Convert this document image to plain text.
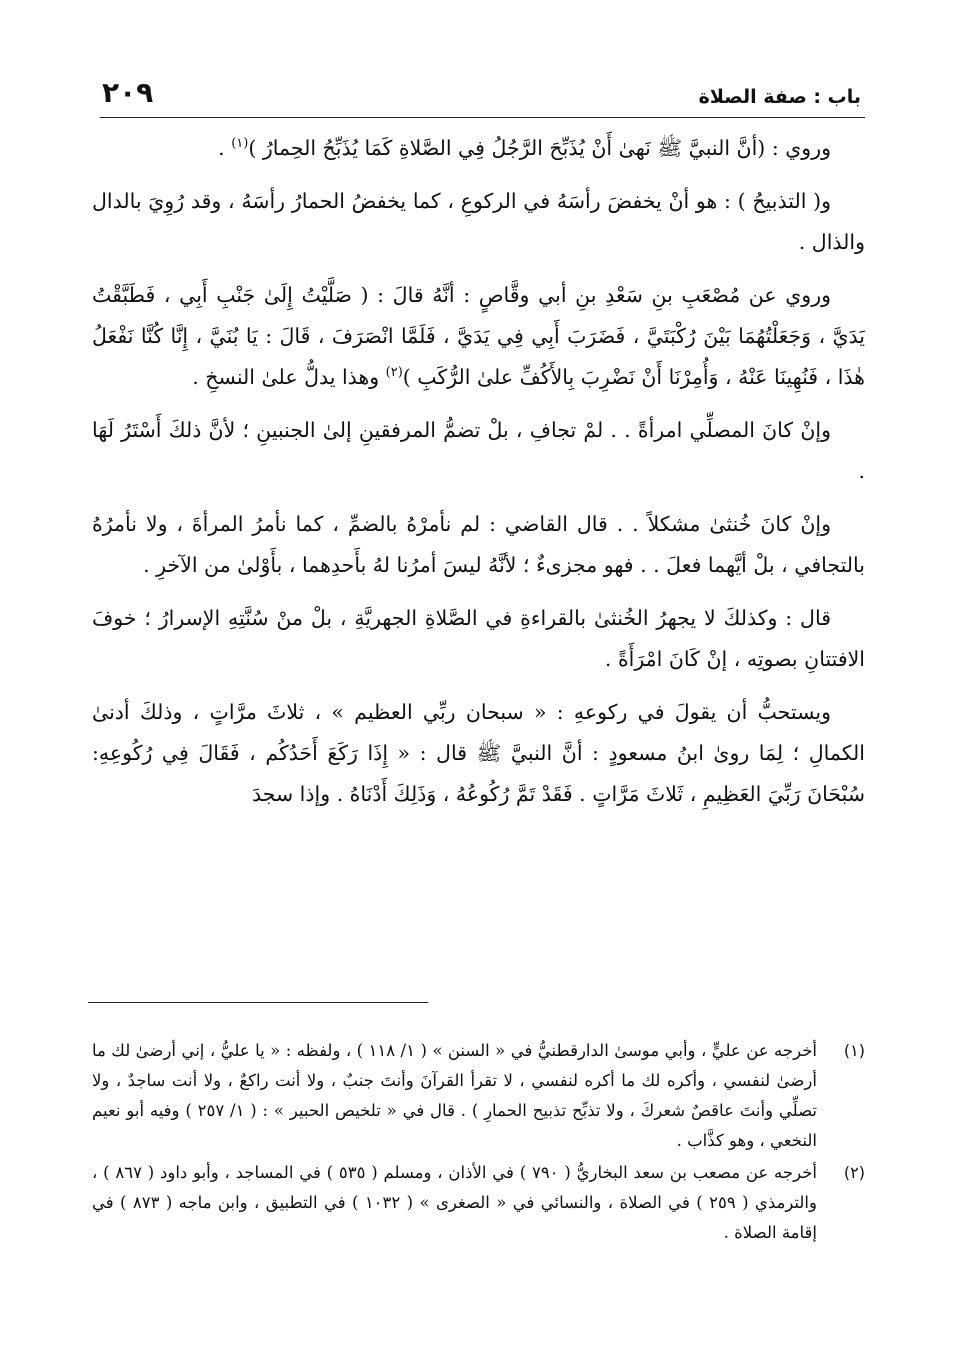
باب : صفة الصلاة
٢٠٩

وروي : (أنَّ النبيَّ ﷺ نَهىٰ أَنْ يُذَبِّحَ الرَّجُلُ فِي الصَّلاةِ كَمَا يُذَبِّحُ الحِمارُ )$^{(١)}$ .

و( التذبيحُ ) : هو أنْ يخفضَ رأسَهُ في الركوعِ ، كما يخفضُ الحمارُ رأسَهُ ، وقد رُوِيَ بالدال والذال .

وروي عن مُصْعَبِ بنِ سَعْدِ بنِ أبي وقَّاصٍ : أنَّهُ قالَ : ( صَلَّيْتُ إِلَىٰ جَنْبِ أَبِي ، فَطَبَّقْتُ يَدَيَّ ، وَجَعَلْتُهُمَا بَيْنَ رُكْبَتَيَّ ، فَضَرَبَ أَبِي فِي يَدَيَّ ، فَلَمَّا انْصَرَفَ ، قَالَ : يَا بُنَيَّ ، إِنَّا كُنَّا نَفْعَلُ هٰذَا ، فَنُهِينَا عَنْهُ ، وَأُمِرْنَا أَنْ نَضْرِبَ بِالأَكُفِّ علىٰ الرُّكَبِ )$^{(٢)}$ وهذا يدلُّ علىٰ النسخِ .

وإنْ كانَ المصلِّي امرأةً . . لمْ تجافِ ، بلْ تضمُّ المرفقينِ إلىٰ الجنبينِ ؛ لأنَّ ذلكَ أَسْتَرُ لَهَا .

وإنْ كانَ خُنثىٰ مشكلاً . . قال القاضي : لم نأمرْهُ بالضمِّ ، كما نأمرُ المرأةَ ، ولا نأمرُهُ بالتجافي ، بلْ أيَّهما فعلَ . . فهو مجزىءٌ ؛ لأنَّهُ ليسَ أمرُنا لهُ بأَحدِهما ، بأَوْلىٰ من الآخرِ .

قال : وكذلكَ لا يجهرُ الخُنثىٰ بالقراءةِ في الصَّلاةِ الجهريَّةِ ، بلْ منْ سُنَّتِهِ الإسرارُ ؛ خوفَ الافتتانِ بصوتِه ، إنْ كَانَ امْرَأَةً .

ويستحبُّ أن يقولَ في ركوعهِ : « سبحان ربِّي العظيم » ، ثلاثَ مرَّاتٍ ، وذلكَ أدنىٰ الكمالِ ؛ لِمَا روىٰ ابنُ مسعودٍ : أنَّ النبيَّ ﷺ قال : « إِذَا رَكَعَ أَحَدُكُم ، فَقَالَ فِي رُكُوعِهِ: سُبْحَانَ رَبِّيَ العَظِيمِ ، ثَلاثَ مَرَّاتٍ . فَقَدْ تَمَّ رُكُوعُهُ ، وَذَلِكَ أَدْنَاهُ . وإذا سجدَ

(١)
أخرجه عن عليٍّ ، وأبي موسىٰ الدارقطنيُّ في « السنن » ( ١/ ١١٨ ) ، ولفظه : « يا عليُّ ، إني أرضىٰ لك ما أرضىٰ لنفسي ، وأكره لك ما أكره لنفسي ، لا تقرأ القرآنَ وأنتَ جنبٌ ، ولا أنت راكعٌ ، ولا أنت ساجدٌ ، ولا تصلِّي وأنتَ عاقصٌ شعركَ ، ولا تذبِّح تذبيح الحمارِ ) . قال في « تلخيص الحبير » : ( ١/ ٢٥٧ ) وفيه أبو نعيم النخعي ، وهو كذَّاب .
(٢)
أخرجه عن مصعب بن سعد البخاريُّ ( ٧٩٠ ) في الأذان ، ومسلم ( ٥٣٥ ) في المساجد ، وأبو داود ( ٨٦٧ ) ، والترمذي ( ٢٥٩ ) في الصلاة ، والنسائي في « الصغرى » ( ١٠٣٢ ) في التطبيق ، وابن ماجه ( ٨٧٣ ) في إقامة الصلاة .
